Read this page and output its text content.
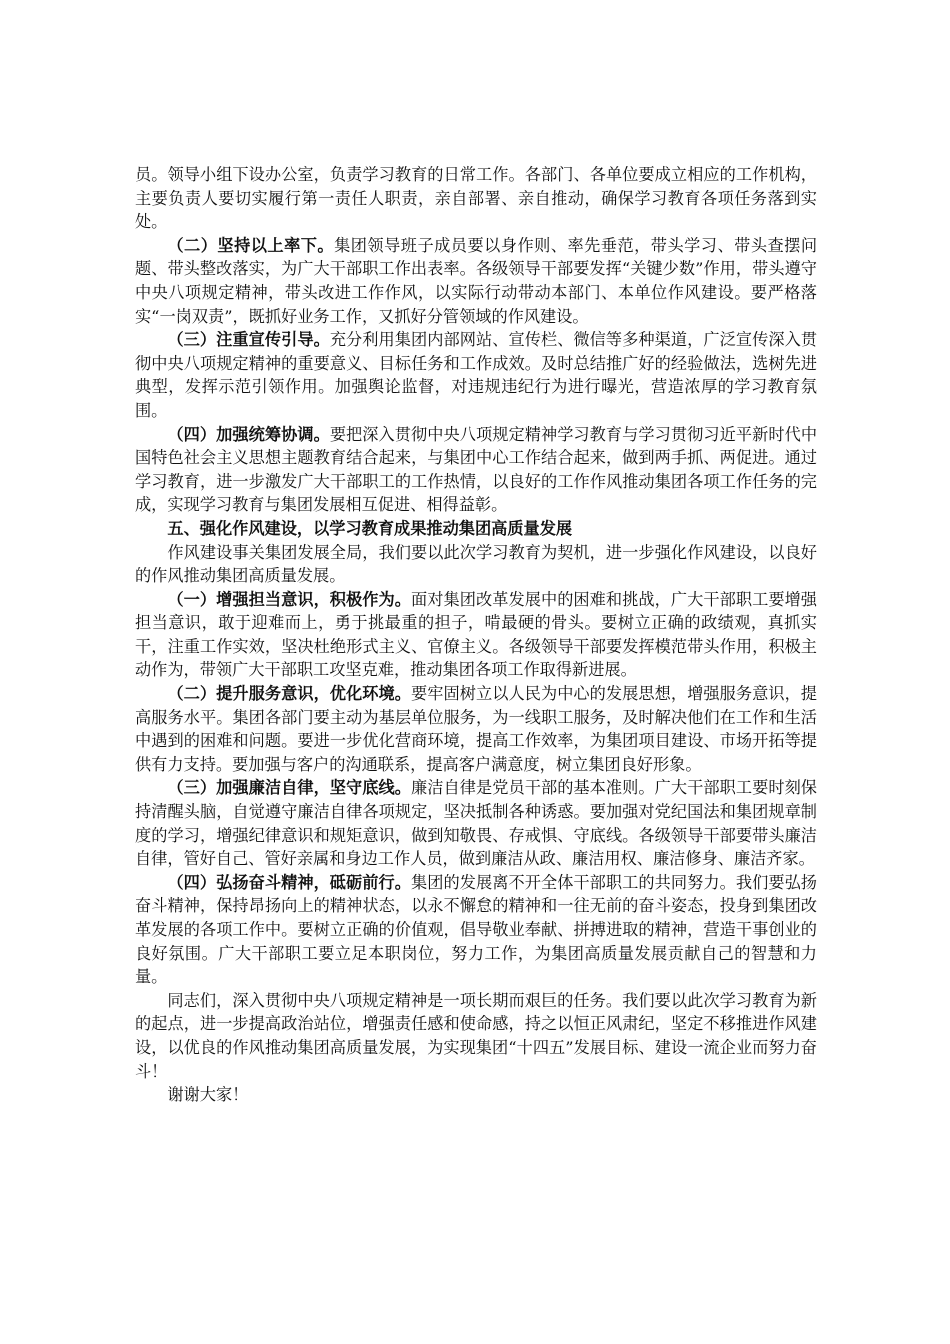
员。领导小组下设办公室，负责学习教育的日常工作。各部门、各单位要成立相应的工作机构，主要负责人要切实履行第一责任人职责，亲自部署、亲自推动，确保学习教育各项任务落到实处。

（二）坚持以上率下。集团领导班子成员要以身作则、率先垂范，带头学习、带头查摆问题、带头整改落实，为广大干部职工作出表率。各级领导干部要发挥“关键少数”作用，带头遵守中央八项规定精神，带头改进工作作风，以实际行动带动本部门、本单位作风建设。要严格落实“一岗双责”，既抓好业务工作，又抓好分管领域的作风建设。

（三）注重宣传引导。充分利用集团内部网站、宣传栏、微信等多种渠道，广泛宣传深入贯彻中央八项规定精神的重要意义、目标任务和工作成效。及时总结推广好的经验做法，选树先进典型，发挥示范引领作用。加强舆论监督，对违规违纪行为进行曝光，营造浓厚的学习教育氛围。

（四）加强统筹协调。要把深入贯彻中央八项规定精神学习教育与学习贯彻习近平新时代中国特色社会主义思想主题教育结合起来，与集团中心工作结合起来，做到两手抓、两促进。通过学习教育，进一步激发广大干部职工的工作热情，以良好的工作作风推动集团各项工作任务的完成，实现学习教育与集团发展相互促进、相得益彰。

五、强化作风建设，以学习教育成果推动集团高质量发展

作风建设事关集团发展全局，我们要以此次学习教育为契机，进一步强化作风建设，以良好的作风推动集团高质量发展。

（一）增强担当意识，积极作为。面对集团改革发展中的困难和挑战，广大干部职工要增强担当意识，敢于迎难而上，勇于挑最重的担子，啃最硬的骨头。要树立正确的政绩观，真抓实干，注重工作实效，坚决杜绝形式主义、官僚主义。各级领导干部要发挥模范带头作用，积极主动作为，带领广大干部职工攻坚克难，推动集团各项工作取得新进展。

（二）提升服务意识，优化环境。要牢固树立以人民为中心的发展思想，增强服务意识，提高服务水平。集团各部门要主动为基层单位服务，为一线职工服务，及时解决他们在工作和生活中遇到的困难和问题。要进一步优化营商环境，提高工作效率，为集团项目建设、市场开拓等提供有力支持。要加强与客户的沟通联系，提高客户满意度，树立集团良好形象。

（三）加强廉洁自律，坚守底线。廉洁自律是党员干部的基本准则。广大干部职工要时刻保持清醒头脑，自觉遵守廉洁自律各项规定，坚决抵制各种诱惑。要加强对党纪国法和集团规章制度的学习，增强纪律意识和规矩意识，做到知敬畏、存戒惧、守底线。各级领导干部要带头廉洁自律，管好自己、管好亲属和身边工作人员，做到廉洁从政、廉洁用权、廉洁修身、廉洁齐家。

（四）弘扬奋斗精神，砥砺前行。集团的发展离不开全体干部职工的共同努力。我们要弘扬奋斗精神，保持昂扬向上的精神状态，以永不懈怠的精神和一往无前的奋斗姿态，投身到集团改革发展的各项工作中。要树立正确的价值观，倡导敬业奉献、拼搏进取的精神，营造干事创业的良好氛围。广大干部职工要立足本职岗位，努力工作，为集团高质量发展贡献自己的智慧和力量。

同志们，深入贯彻中央八项规定精神是一项长期而艰巨的任务。我们要以此次学习教育为新的起点，进一步提高政治站位，增强责任感和使命感，持之以恒正风肃纪，坚定不移推进作风建设，以优良的作风推动集团高质量发展，为实现集团“十四五”发展目标、建设一流企业而努力奋斗！

谢谢大家！
